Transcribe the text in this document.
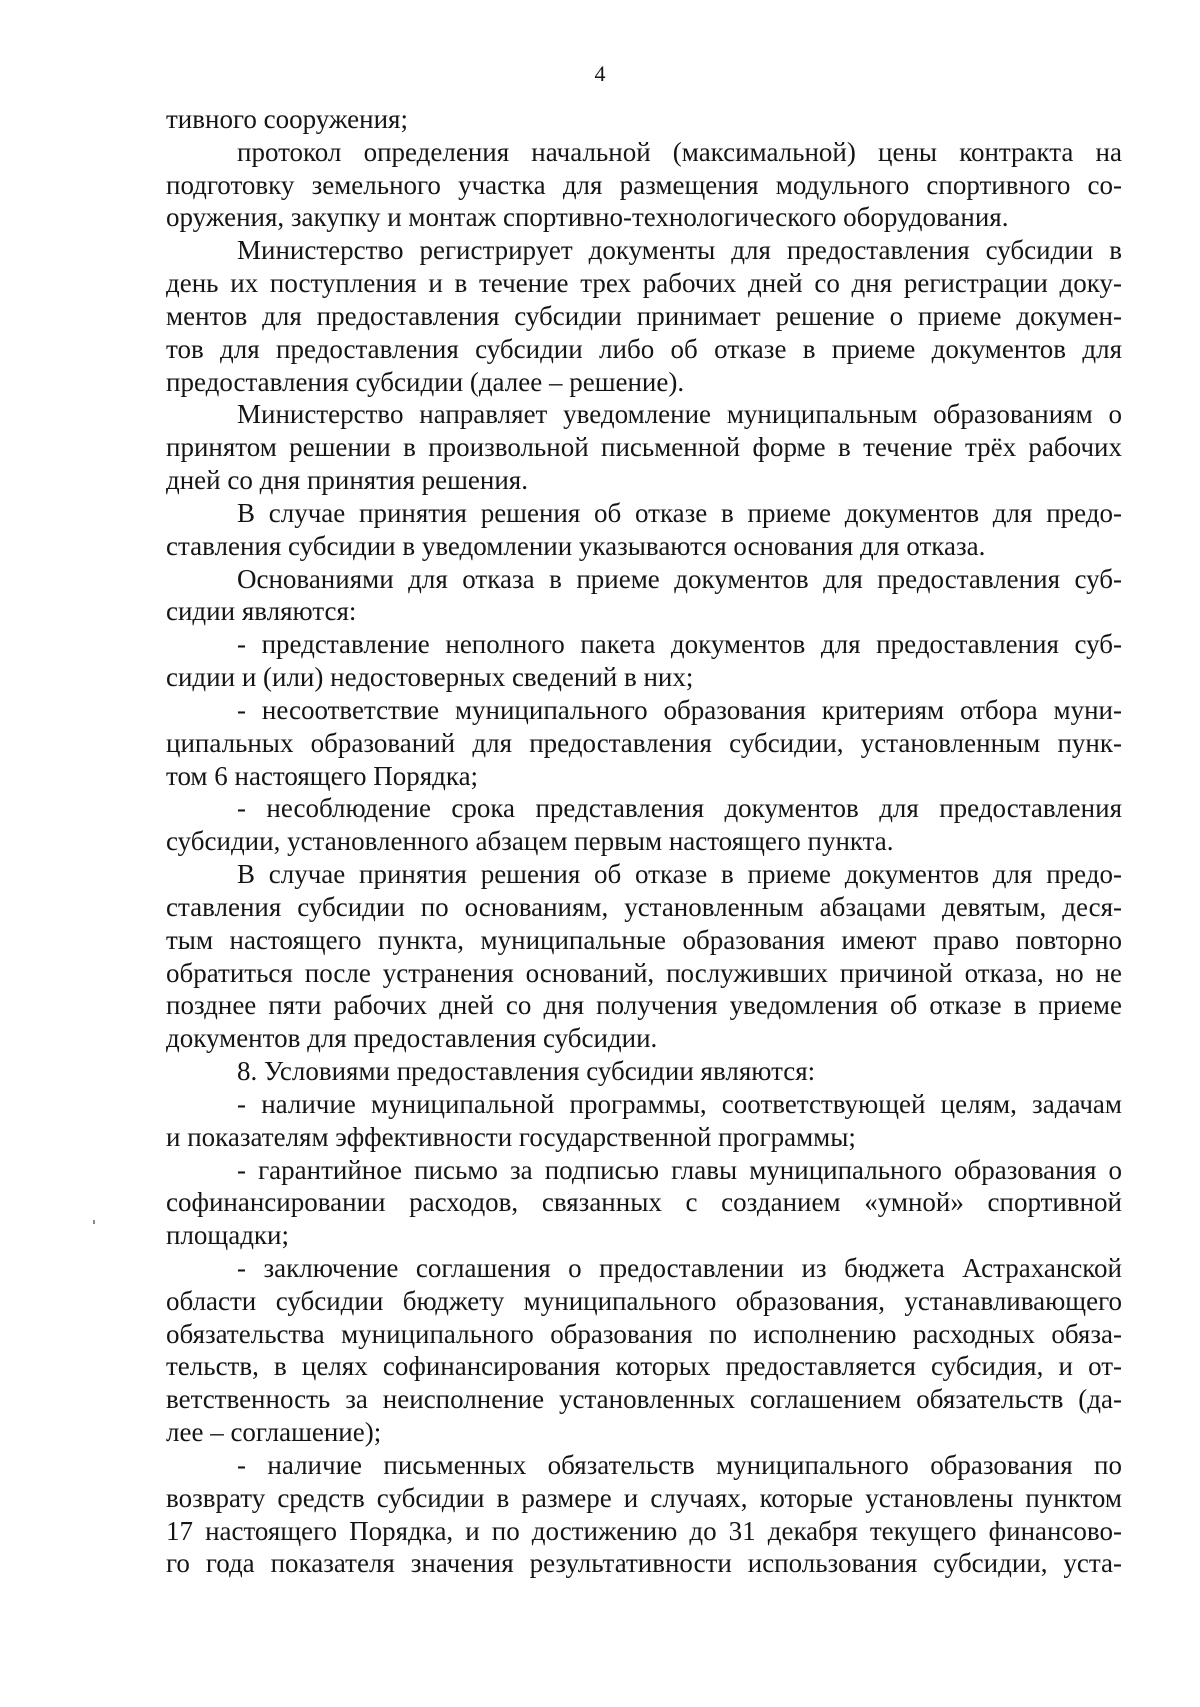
4
тивного сооружения;
протокол определения начальной (максимальной) цены контракта на
подготовку земельного участка для размещения модульного спортивного со-
оружения, закупку и монтаж спортивно-технологического оборудования.
Министерство регистрирует документы для предоставления субсидии в
день их поступления и в течение трех рабочих дней со дня регистрации доку-
ментов для предоставления субсидии принимает решение о приеме докумен-
тов для предоставления субсидии либо об отказе в приеме документов для
предоставления субсидии (далее – решение).
Министерство направляет уведомление муниципальным образованиям о
принятом решении в произвольной письменной форме в течение трёх рабочих
дней со дня принятия решения.
В случае принятия решения об отказе в приеме документов для предо-
ставления субсидии в уведомлении указываются основания для отказа.
Основаниями для отказа в приеме документов для предоставления суб-
сидии являются:
- представление неполного пакета документов для предоставления суб-
сидии и (или) недостоверных сведений в них;
- несоответствие муниципального образования критериям отбора муни-
ципальных образований для предоставления субсидии, установленным пунк-
том 6 настоящего Порядка;
- несоблюдение срока представления документов для предоставления
субсидии, установленного абзацем первым настоящего пункта.
В случае принятия решения об отказе в приеме документов для предо-
ставления субсидии по основаниям, установленным абзацами девятым, деся-
тым настоящего пункта, муниципальные образования имеют право повторно
обратиться после устранения оснований, послуживших причиной отказа, но не
позднее пяти рабочих дней со дня получения уведомления об отказе в приеме
документов для предоставления субсидии.
8. Условиями предоставления субсидии являются:
- наличие муниципальной программы, соответствующей целям, задачам
и показателям эффективности государственной программы;
- гарантийное письмо за подписью главы муниципального образования о
софинансировании расходов, связанных с созданием «умной» спортивной
площадки;
- заключение соглашения о предоставлении из бюджета Астраханской
области субсидии бюджету муниципального образования, устанавливающего
обязательства муниципального образования по исполнению расходных обяза-
тельств, в целях софинансирования которых предоставляется субсидия, и от-
ветственность за неисполнение установленных соглашением обязательств (да-
лее – соглашение);
- наличие письменных обязательств муниципального образования по
возврату средств субсидии в размере и случаях, которые установлены пунктом
17 настоящего Порядка, и по достижению до 31 декабря текущего финансово-
го года показателя значения результативности использования субсидии, уста-
